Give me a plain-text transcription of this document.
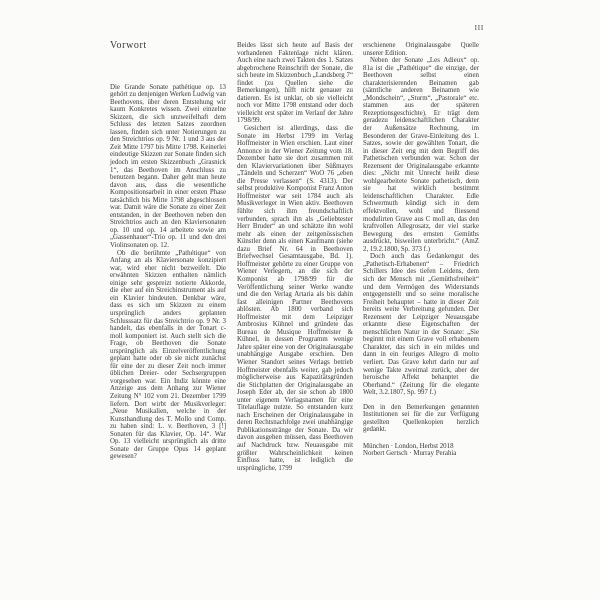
III
Vorwort

Die Grande Sonate pathétique op. 13 gehört zu denjenigen Werken Ludwig van Beethovens, über deren Entstehung wir kaum Konkretes wissen. Zwei einzelne Skizzen, die sich unzweifelhaft dem Schluss des letzten Satzes zuordnen lassen, finden sich unter Notierungen zu den Streichtrios op. 9 Nr. 1 und 3 aus der Zeit Mitte 1797 bis Mitte 1798. Keinerlei eindeutige Skizzen zur Sonate finden sich jedoch im ersten Skizzenbuch „Grasnick 1“, das Beethoven im Anschluss zu benutzen begann. Daher geht man heute davon aus, dass die wesentliche Kompositionsarbeit in einer ersten Phase tatsächlich bis Mitte 1798 abgeschlossen war. Damit wäre die Sonate zu einer Zeit entstanden, in der Beethoven neben den Streichtrios auch an den Klaviersonaten op. 10 und op. 14 arbeitete sowie am „Gassenhauer“-Trio op. 11 und den drei Violinsonaten op. 12.

Ob die berühmte „Pathétique“ von Anfang an als Klaviersonate konzipiert war, wird eher nicht bezweifelt. Die erwähnten Skizzen enthalten nämlich einige sehr gespreizt notierte Akkorde, die eher auf ein Streichinstrument als auf ein Klavier hindeuten. Denkbar wäre, dass es sich um Skizzen zu einem ursprünglich anders geplanten Schlusssatz für das Streichtrio op. 9 Nr. 3 handelt, das ebenfalls in der Tonart c-moll komponiert ist. Auch stellt sich die Frage, ob Beethoven die Sonate ursprünglich als Einzelveröffentlichung geplant hatte oder ob sie nicht zunächst für eine der zu dieser Zeit noch immer üblichen Dreier- oder Sechsergruppen vorgesehen war. Ein Indiz könnte eine Anzeige aus dem Anhang zur Wiener Zeitung N° 102 vom 21. Dezember 1799 liefern. Dort wirbt der Musikverleger: „Neue Musikalien, welche in der Kunsthandlung des T. Mollo und Comp. zu haben sind: L. v. Beethoven, 3 [!] Sonaten für das Klavier, Op. 14“. War Op. 13 vielleicht ursprünglich als dritte Sonate der Gruppe Opus 14 geplant gewesen?

Beides lässt sich heute auf Basis der vorhandenen Faktenlage nicht klären. Auch eine nach zwei Takten des 1. Satzes abgebrochene Reinschrift der Sonate, die sich heute im Skizzenbuch „Landsberg 7“ findet (zu Quellen siehe die Bemerkungen), hilft nicht genauer zu datieren. Es ist unklar, ob sie vielleicht noch vor Mitte 1798 entstand oder doch vielleicht erst später im Verlauf der Jahre 1798/99.

Gesichert ist allerdings, dass die Sonate im Herbst 1799 im Verlag Hoffmeister in Wien erschien. Laut einer Annonce in der Wiener Zeitung vom 18. Dezember hatte sie dort zusammen mit den Klaviervariationen über Süßmayrs „Tändeln und Scherzen“ WoO 76 „eben die Presse verlassen“ (S. 4313). Der selbst produktive Komponist Franz Anton Hoffmeister war seit 1784 auch als Musikverleger in Wien aktiv. Beethoven fühlte sich ihm freundschaftlich verbunden, sprach ihn als „Geliebtester Herr Bruder“ an und schätzte ihn wohl mehr als einen der zeitgenössischen Künstler denn als einen Kaufmann (siehe dazu Brief Nr. 64 in Beethoven Briefwechsel Gesamtausgabe, Bd. 1). Hoffmeister gehörte zu einer Gruppe von Wiener Verlegern, an die sich der Komponist ab 1798/99 für die Veröffentlichung seiner Werke wandte und die den Verlag Artaria als bis dahin fast alleinigen Partner Beethovens ablösten. Ab 1800 verband sich Hoffmeister mit dem Leipziger Ambrosius Kühnel und gründete das Bureau de Musique Hoffmeister & Kühnel, in dessen Programm wenige Jahre später eine von der Originalausgabe unabhängige Ausgabe erschien. Den Wiener Standort seines Verlags betrieb Hoffmeister ebenfalls weiter, gab jedoch möglicherweise aus Kapazitätsgründen die Stichplatten der Originalausgabe an Joseph Eder ab, der sie schon ab 1800 unter eigenem Verlagsnamen für eine Titelauflage nutzte. So entstanden kurz nach Erscheinen der Originalausgabe in deren Rechtsnachfolge zwei unabhängige Publikationsstränge der Sonate. Da wir davon ausgehen müssen, dass Beethoven auf Nachdruck bzw. Neuausgabe mit größter Wahrscheinlichkeit keinen Einfluss hatte, ist lediglich die ursprüngliche, 1799

erschienene Originalausgabe Quelle unserer Edition.

Neben der Sonate „Les Adieux“ op. 81a ist die „Pathétique“ die einzige, der Beethoven selbst einen charakterisierenden Beinamen gab (sämtliche anderen Beinamen wie „Mondschein“, „Sturm“, „Pastorale“ etc. stammen aus der späteren Rezeptionsgeschichte). Er trägt dem geradezu leidenschaftlichen Charakter der Außensätze Rechnung, im Besonderen der Grave-Einleitung des 1. Satzes, sowie der gewählten Tonart, die in dieser Zeit eng mit dem Begriff des Pathetischen verbunden war. Schon der Rezensent der Originalausgabe erkannte dies: „Nicht mit Unrecht heißt diese wohlgearbeitete Sonate pathetisch, denn sie hat wirklich bestimmt leidenschaftlichen Charakter. Edle Schwermuth kündigt sich in dem effektvollen, wohl und fliessend modulirten Grave aus C moll an, das den kraftvollen Allegrosatz, der viel starke Bewegung des ernsten Gemüths ausdrückt, bisweilen unterbricht.“ (AmZ 2, 19.2.1800, Sp. 373 f.)

Doch auch das Gedankengut des „Pathetisch-Erhabenen“ – Friedrich Schillers Idee des tiefen Leidens, dem sich der Mensch mit „Gemüthsfreiheit“ und dem Vermögen des Widerstands entgegenstellt und so seine moralische Freiheit behauptet – hatte in dieser Zeit bereits weite Verbreitung gefunden. Der Rezensent der Leipziger Neuausgabe erkannte diese Eigenschaften der menschlichen Natur in der Sonate: „Sie beginnt mit einem Grave voll erhabenem Charakter, das sich in ein mildes und dann in ein feuriges Allegro di molto verliert. Das Grave kehrt darin nur auf wenige Takte zweimal zurück, aber der heroische Affekt behauptet die Oberhand.“ (Zeitung für die elegante Welt, 3.2.1807, Sp. 997 f.)

Den in den Bemerkungen genannten Institutionen sei für die zur Verfügung gestellten Quellenkopien herzlich gedankt.

München · London, Herbst 2018

Norbert Gertsch · Murray Perahia
